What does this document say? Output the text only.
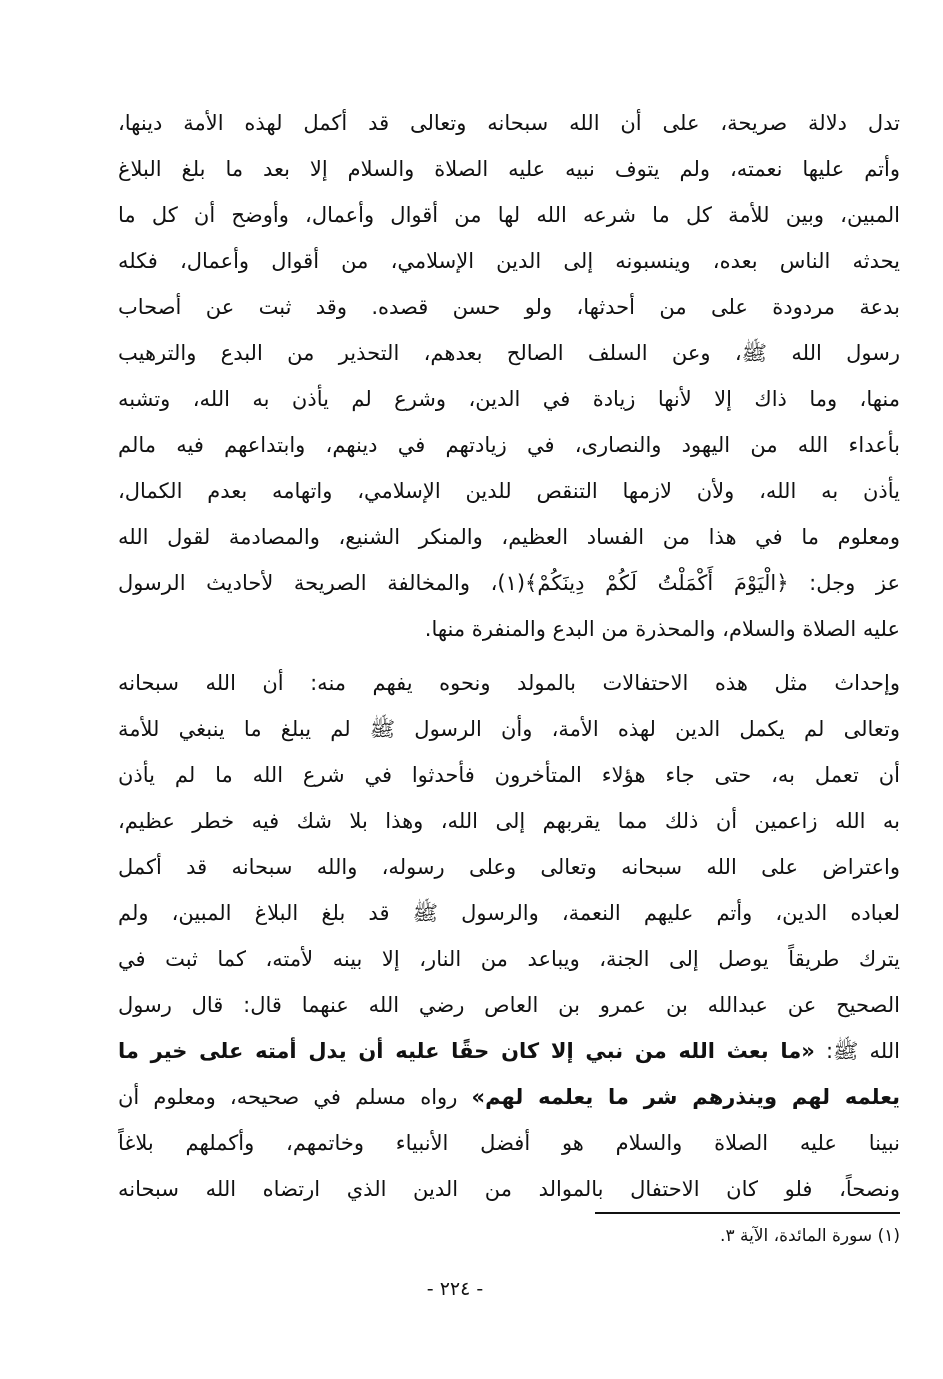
تدل دلالة صريحة، على أن الله سبحانه وتعالى قد أكمل لهذه الأمة دينها،
وأتم عليها نعمته، ولم يتوف نبيه عليه الصلاة والسلام إلا بعد ما بلغ البلاغ
المبين، وبين للأمة كل ما شرعه الله لها من أقوال وأعمال، وأوضح أن كل ما
يحدثه الناس بعده، وينسبونه إلى الدين الإسلامي، من أقوال وأعمال، فكله
بدعة مردودة على من أحدثها، ولو حسن قصده. وقد ثبت عن أصحاب
رسول الله ﷺ، وعن السلف الصالح بعدهم، التحذير من البدع والترهيب
منها، وما ذاك إلا لأنها زيادة في الدين، وشرع لم يأذن به الله، وتشبه
بأعداء الله من اليهود والنصارى، في زيادتهم في دينهم، وابتداعهم فيه مالم
يأذن به الله، ولأن لازمها التنقص للدين الإسلامي، واتهامه بعدم الكمال،
ومعلوم ما في هذا من الفساد العظيم، والمنكر الشنيع، والمصادمة لقول الله
عز وجل: ﴿الْيَوْمَ أَكْمَلْتُ لَكُمْ دِينَكُمْ﴾(١)، والمخالفة الصريحة لأحاديث الرسول
عليه الصلاة والسلام، والمحذرة من البدع والمنفرة منها.
وإحداث مثل هذه الاحتفالات بالمولد ونحوه يفهم منه: أن الله سبحانه
وتعالى لم يكمل الدين لهذه الأمة، وأن الرسول ﷺ لم يبلغ ما ينبغي للأمة
أن تعمل به، حتى جاء هؤلاء المتأخرون فأحدثوا في شرع الله ما لم يأذن
به الله زاعمين أن ذلك مما يقربهم إلى الله، وهذا بلا شك فيه خطر عظيم،
واعتراض على الله سبحانه وتعالى وعلى رسوله، والله سبحانه قد أكمل
لعباده الدين، وأتم عليهم النعمة، والرسول ﷺ قد بلغ البلاغ المبين، ولم
يترك طريقاً يوصل إلى الجنة، ويباعد من النار، إلا بينه لأمته، كما ثبت في
الصحيح عن عبدالله بن عمرو بن العاص رضي الله عنهما قال: قال رسول
الله ﷺ: «ما بعث الله من نبي إلا كان حقًا عليه أن يدل أمته على خير ما
يعلمه لهم وينذرهم شر ما يعلمه لهم» رواه مسلم في صحيحه، ومعلوم أن
نبينا عليه الصلاة والسلام هو أفضل الأنبياء وخاتمهم، وأكملهم بلاغاً
ونصحاً، فلو كان الاحتفال بالموالد من الدين الذي ارتضاه الله سبحانه
(١) سورة المائدة، الآية ٣.
- ٢٢٤ -
